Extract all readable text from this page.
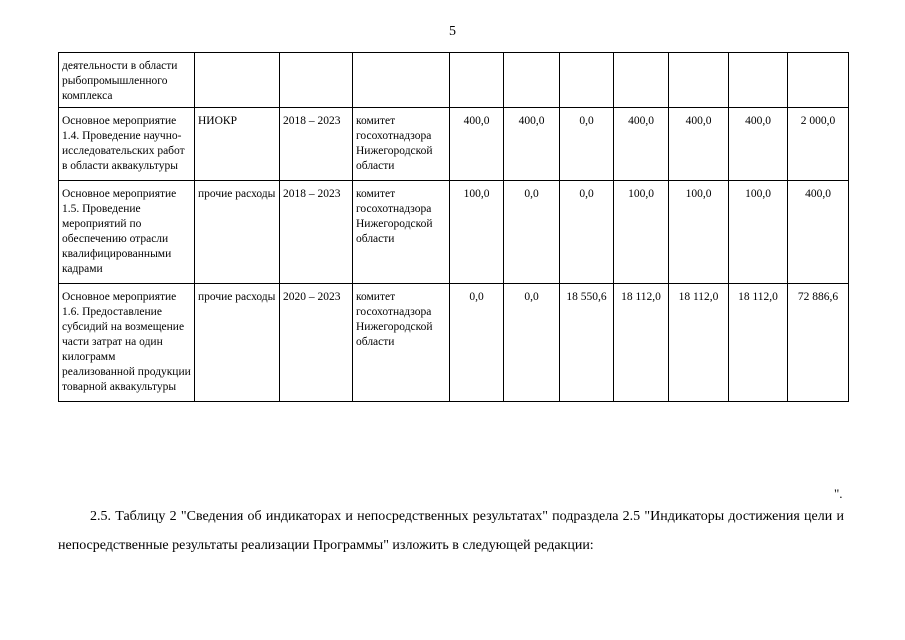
5
деятельности в области рыбопромышленного комплекса										
Основное мероприятие 1.4. Проведение научно-исследовательских работ в области аквакультуры	НИОКР	2018 – 2023	комитет госохотнадзора Нижегородской области	400,0	400,0	0,0	400,0	400,0	400,0	2 000,0
Основное мероприятие 1.5. Проведение мероприятий по обеспечению отрасли квалифицированными кадрами	прочие расходы	2018 – 2023	комитет госохотнадзора Нижегородской области	100,0	0,0	0,0	100,0	100,0	100,0	400,0
Основное мероприятие 1.6. Предоставление субсидий на возмещение части затрат на один килограмм реализованной продукции товарной аквакультуры	прочие расходы	2020 – 2023	комитет госохотнадзора Нижегородской области	0,0	0,0	18 550,6	18 112,0	18 112,0	18 112,0	72 886,6
".
2.5. Таблицу 2 "Сведения об индикаторах и непосредственных результатах" подраздела 2.5 "Индикаторы достижения цели и непосредственные результаты реализации Программы" изложить в следующей редакции:
